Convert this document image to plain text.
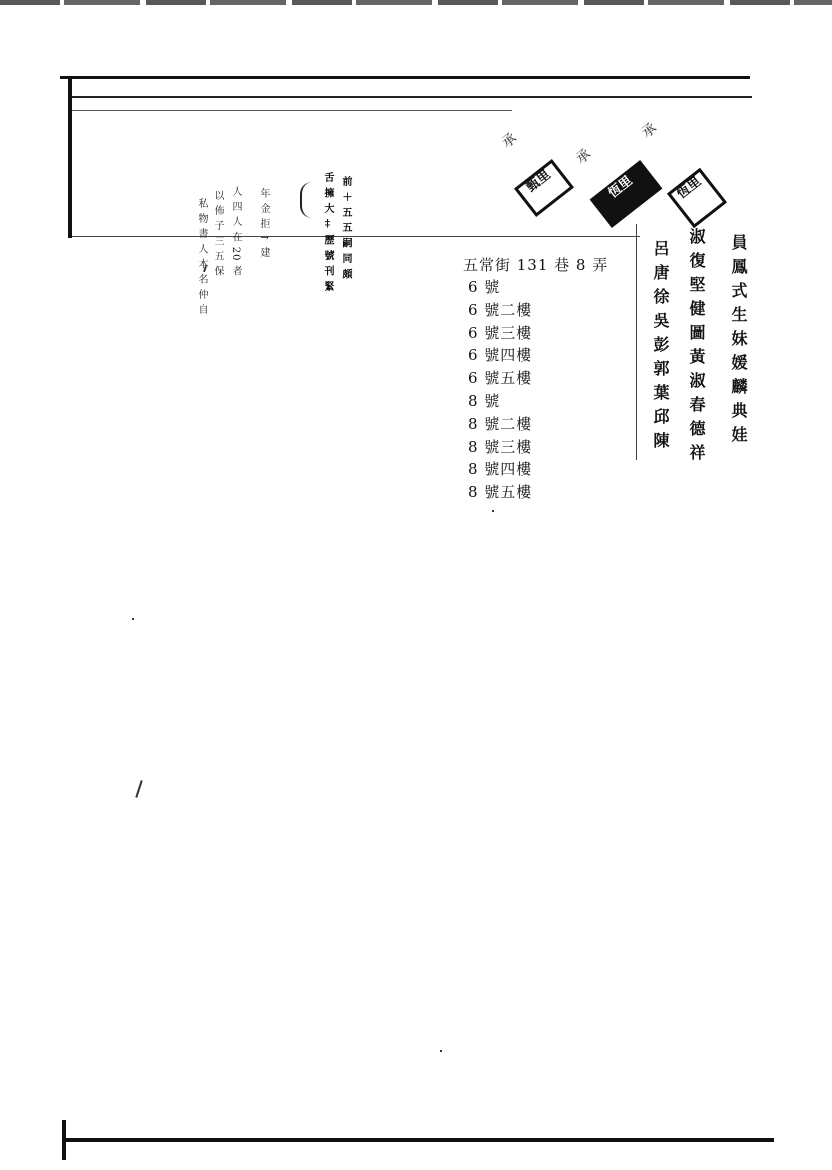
私 物 書 人 本 名 仲 自 以 佈 子 三 五 保 人 四 人 在 20 者 年 金 拒 ↑ 建	舌 擁 大 ‡ 歷 號 刊 緊 前 ＋ 五 五 嗣 同 頗
承
甄里
承
恆里
承
恆里
五常街 131 巷 8 弄
6 號
6 號二樓
6 號三樓
6 號四樓
6 號五樓
8 號
8 號二樓
8 號三樓
8 號四樓
8 號五樓
員鳳式生妹媛麟典娃
淑復堅健圖黃淑春德祥
呂唐徐吳彭郭葉邱陳
